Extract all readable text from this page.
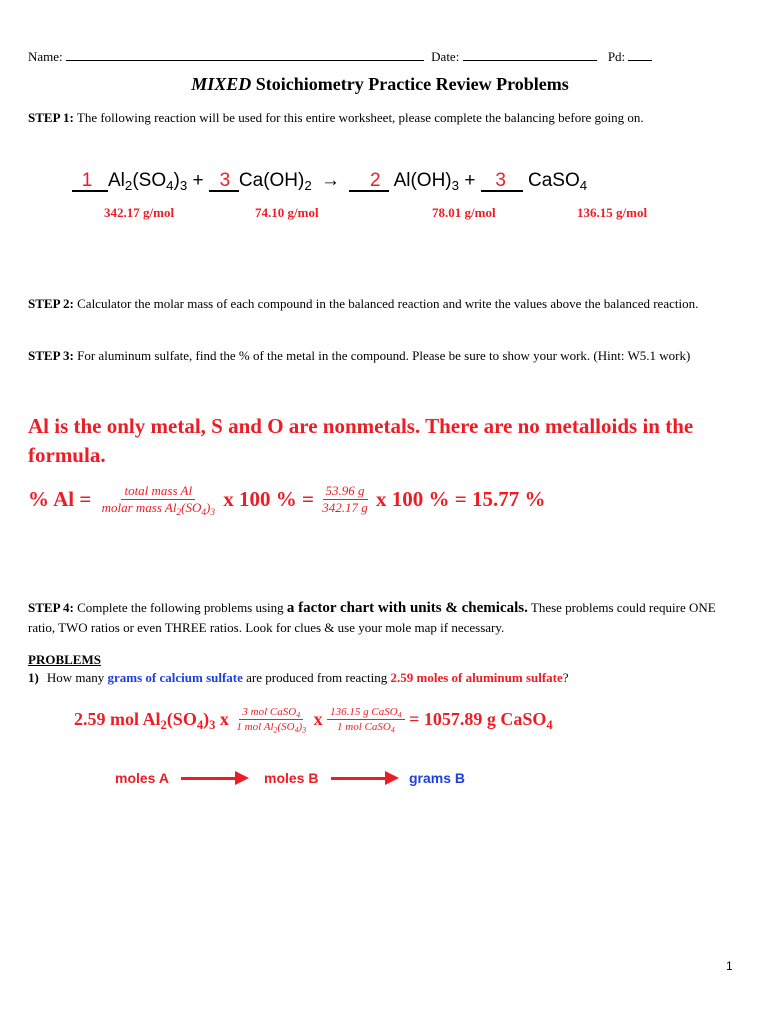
Name:	Date:	Pd:
MIXED Stoichiometry Practice Review Problems
STEP 1: The following reaction will be used for this entire worksheet, please complete the balancing before going on.
1 $Al_2(SO_4)_3 + 3$ $Ca(OH)_2 \to 2$ $Al(OH)_3 + 3$ CaSO$_4$
342.17 g/mol	74.10 g/mol	78.01 g/mol	136.15 g/mol
STEP 2: Calculator the molar mass of each compound in the balanced reaction and write the values above the balanced reaction.
STEP 3: For aluminum sulfate, find the % of the metal in the compound. Please be sure to show your work. (Hint: W5.1 work)
Al is the only metal, S and O are nonmetals. There are no metalloids in the formula.
% $Al = \frac{\text{total mass Al}}{molar mass Al_2(SO_4)_3}$ x 100 % = $\frac{53.96 g}{342.17 g}$ x 100 % = 15.77 %
STEP 4: Complete the following problems using a factor chart with units & chemicals. These problems could require ONE ratio, TWO ratios or even THREE ratios. Look for clues & use your mole map if necessary.
PROBLEMS
1) How many grams of calcium sulfate are produced from reacting 2.59 moles of aluminum sulfate?
2.59 mol $Al_2(SO_4)_3$ x $\frac{3 mol CaSO_4}{1 mol Al_2(SO_4)_3}$ x $\frac{136.15 g CaSO_4}{1 mol CaSO_4} = 1057.89$ g CaSO$_4$
moles A	moles B	grams B
1
